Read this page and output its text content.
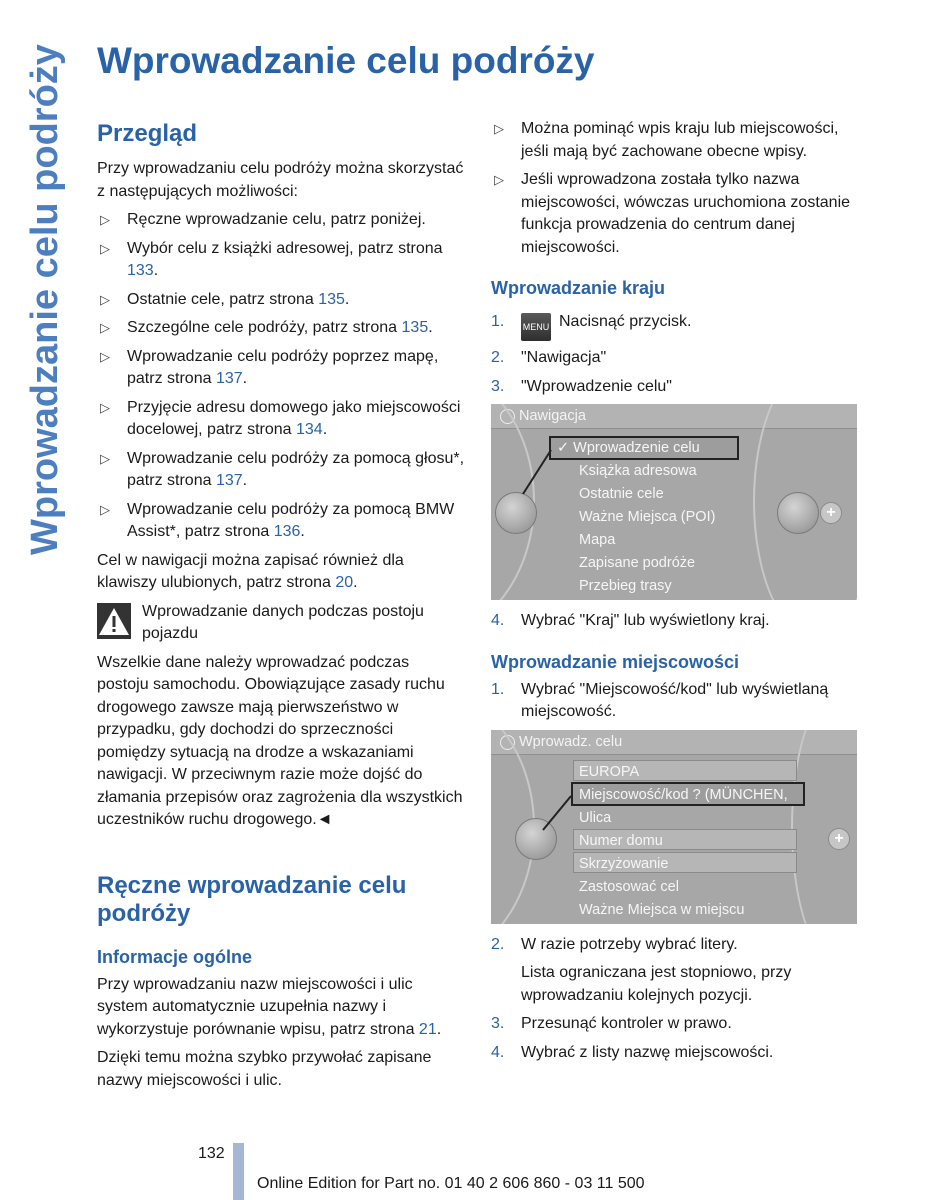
Wprowadzanie celu podróży Wprowadzanie celu podróży
Przegląd

Przy wprowadzaniu celu podróży można skorzystać z następujących możliwości:

▷ Ręczne wprowadzanie celu, patrz poniżej.
▷ Wybór celu z książki adresowej, patrz strona 133.
▷ Ostatnie cele, patrz strona 135.
▷ Szczególne cele podróży, patrz strona 135.
▷ Wprowadzanie celu podróży poprzez mapę, patrz strona 137.
▷ Przyjęcie adresu domowego jako miejscowości docelowej, patrz strona 134.
▷ Wprowadzanie celu podróży za pomocą głosu*, patrz strona 137.
▷ Wprowadzanie celu podróży za pomocą BMW Assist*, patrz strona 136.

Cel w nawigacji można zapisać również dla klawiszy ulubionych, patrz strona 20.

Wprowadzanie danych podczas postoju pojazdu

Wszelkie dane należy wprowadzać podczas postoju samochodu. Obowiązujące zasady ruchu drogowego zawsze mają pierwszeństwo w przypadku, gdy dochodzi do sprzeczności pomiędzy sytuacją na drodze a wskazaniami nawigacji. W przeciwnym razie może dojść do złamania przepisów oraz zagrożenia dla wszystkich uczestników ruchu drogowego.◄

Ręczne wprowadzanie celu podróży
Informacje ogólne

Przy wprowadzaniu nazw miejscowości i ulic system automatycznie uzupełnia nazwy i wykorzystuje porównanie wpisu, patrz strona 21.

Dzięki temu można szybko przywołać zapisane nazwy miejscowości i ulic.

▷ Można pominąć wpis kraju lub miejscowości, jeśli mają być zachowane obecne wpisy.
▷ Jeśli wprowadzona została tylko nazwa miejscowości, wówczas uruchomiona zostanie funkcja prowadzenia do centrum danej miejscowości.
Wprowadzanie kraju
1. MENU Nacisnąć przycisk.
2. "Nawigacja"
3. "Wprowadzenie celu"
Nawigacja
+
✓ Wprowadzenie celu
Książka adresowa
Ostatnie cele
Ważne Miejsca (POI)
Mapa
Zapisane podróże
Przebieg trasy
4. Wybrać "Kraj" lub wyświetlony kraj.
Wprowadzanie miejscowości
1. Wybrać "Miejscowość/kod" lub wyświetlaną miejscowość.
Wprowadz. celu
+
EUROPA
Miejscowość/kod ? (MÜNCHEN,
Ulica
Numer domu
Skrzyżowanie
Zastosować cel
Ważne Miejsca w miejscu
2. W razie potrzeby wybrać litery.
Lista ograniczana jest stopniowo, przy wprowadzaniu kolejnych pozycji.
3. Przesunąć kontroler w prawo.
4. Wybrać z listy nazwę miejscowości.
132
Online Edition for Part no. 01 40 2 606 860 - 03 11 500
